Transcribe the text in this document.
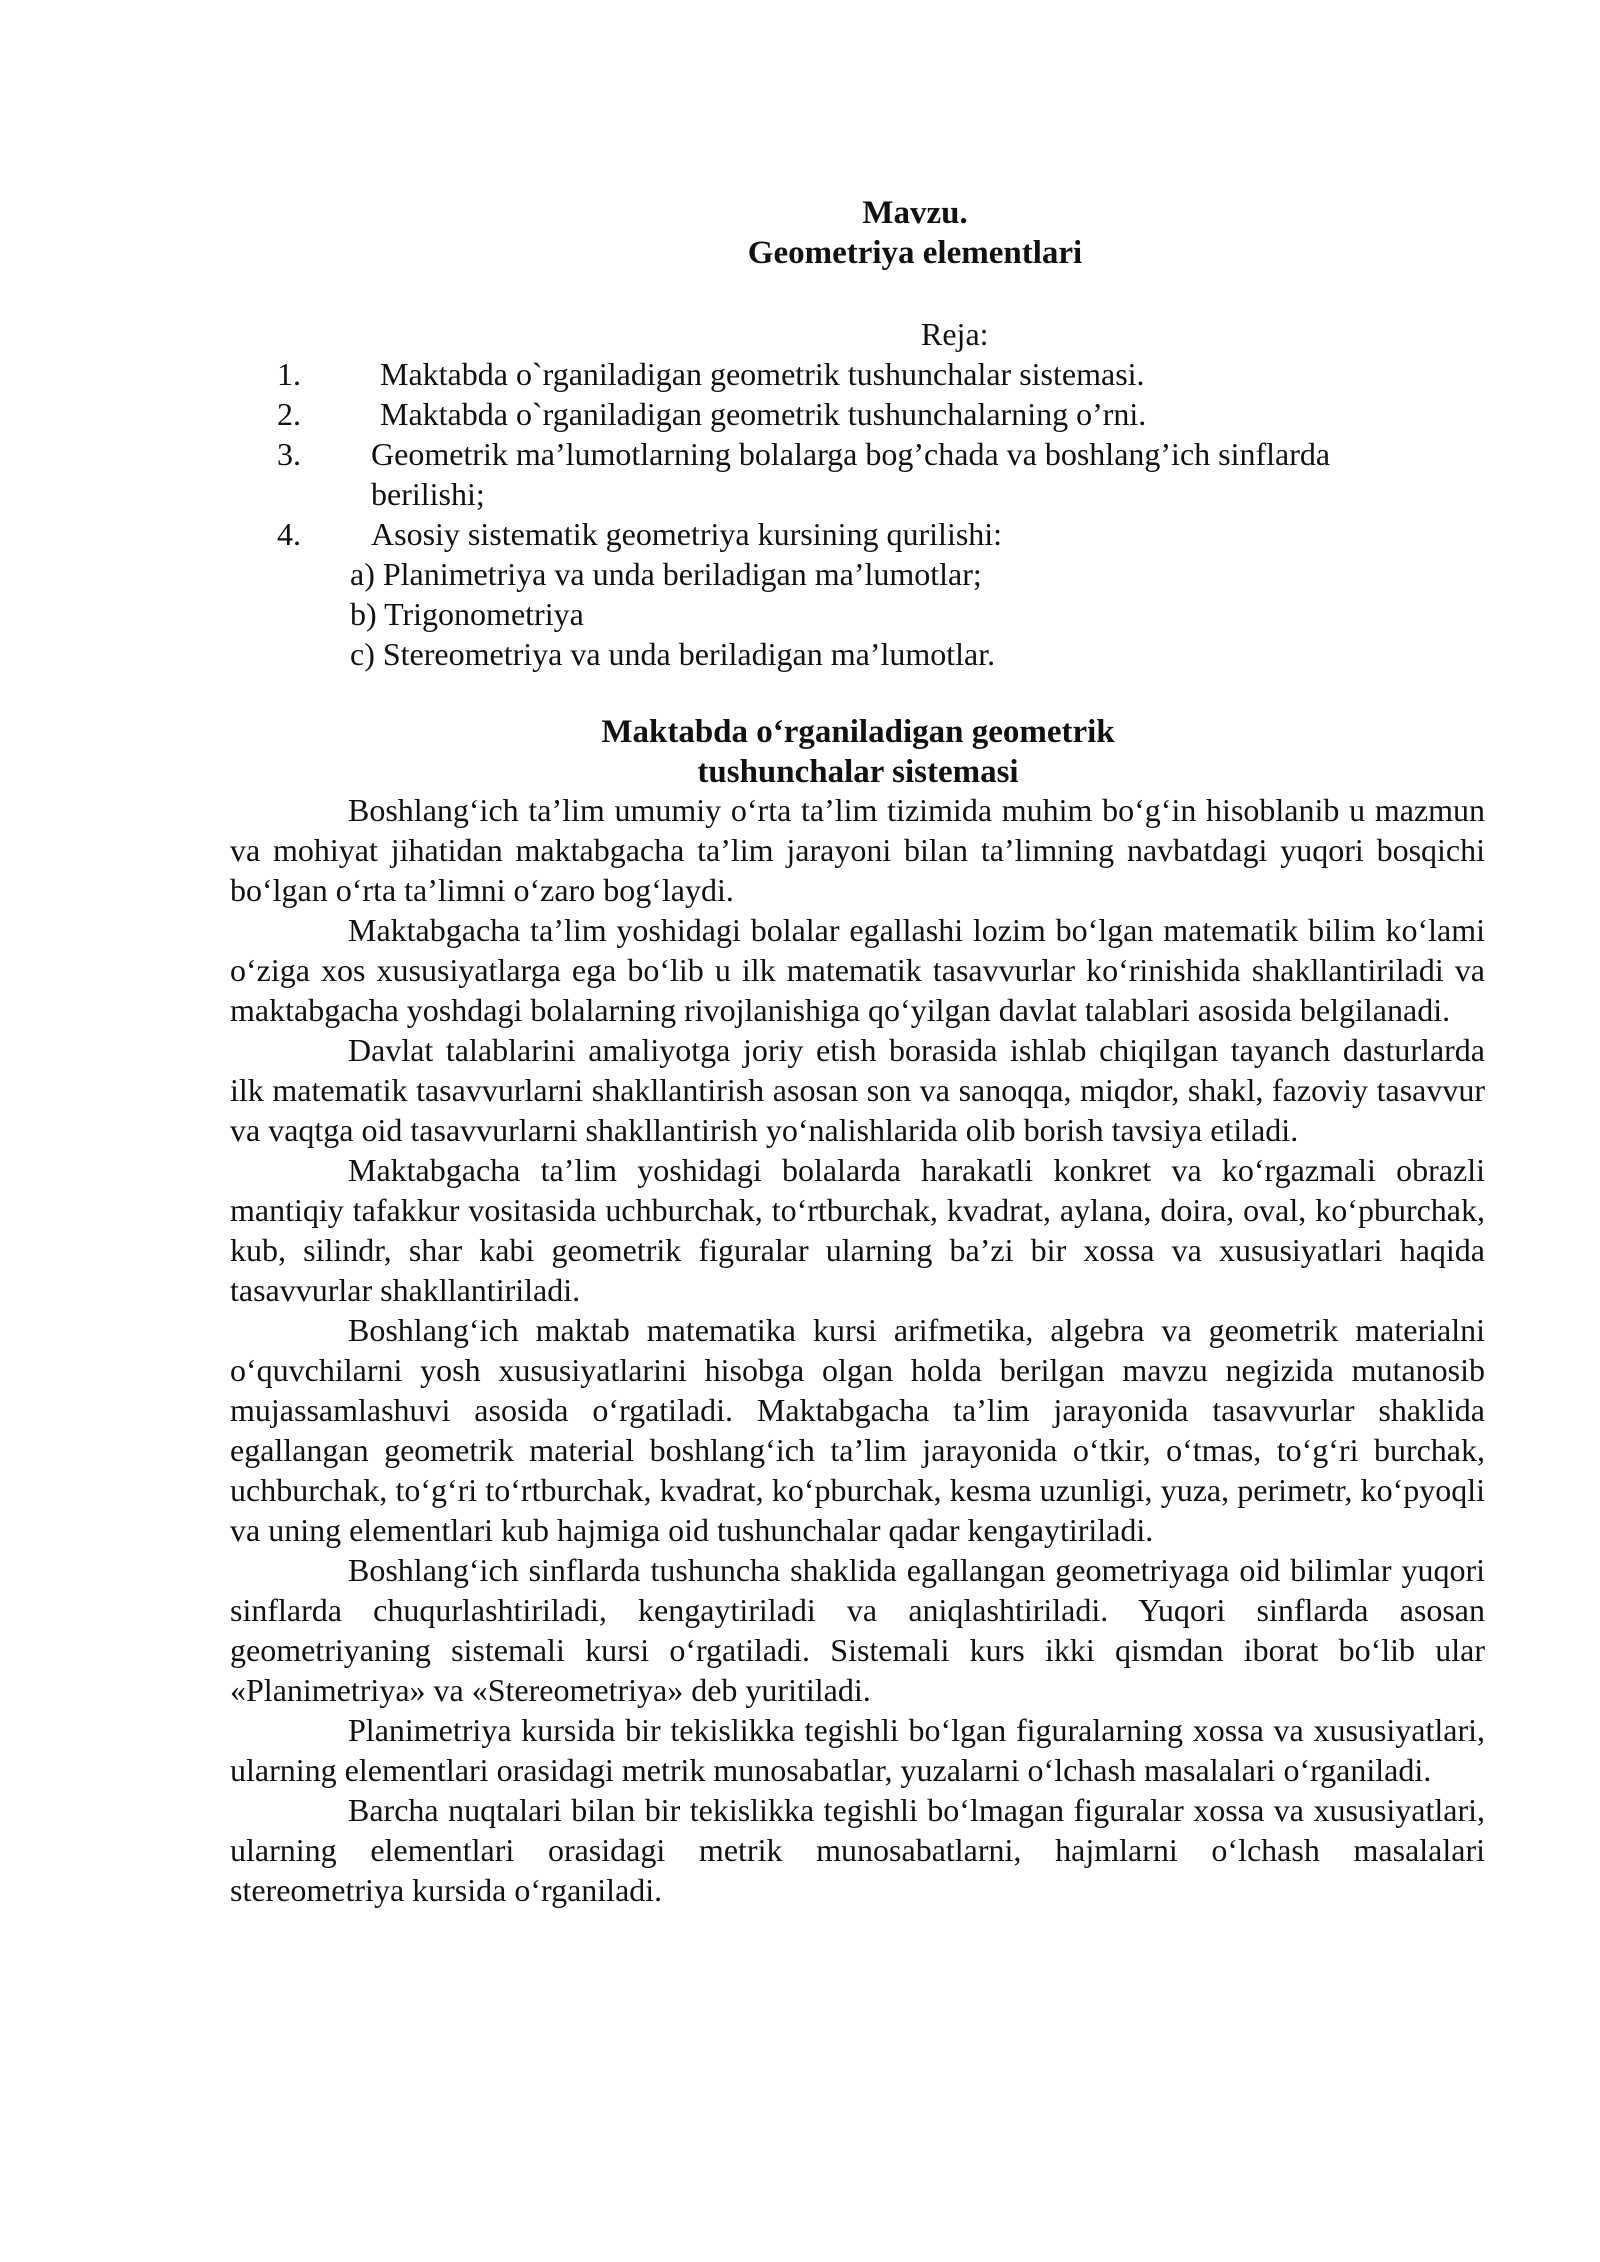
Mavzu.
Geometriya elementlari
Reja:
1. Maktabda o`rganiladigan geometrik tushunchalar sistemasi.
2. Maktabda o`rganiladigan geometrik tushunchalarning o’rni.
3. Geometrik ma’lumotlarning bolalarga bog’chada va boshlang’ich sinflarda
berilishi;
4. Asosiy sistematik geometriya kursining qurilishi:
a) Planimetriya va unda beriladigan ma’lumotlar;
b) Trigonometriya
c) Stereometriya va unda beriladigan ma’lumotlar.
Maktabda o‘rganiladigan geometrik
tushunchalar sistemasi

Boshlang‘ich ta’lim umumiy o‘rta ta’lim tizimida muhim bo‘g‘in hisoblanib u mazmun va mohiyat jihatidan maktabgacha ta’lim jarayoni bilan ta’limning navbatdagi yuqori bosqichi bo‘lgan o‘rta ta’limni o‘zaro bog‘laydi.

Maktabgacha ta’lim yoshidagi bolalar egallashi lozim bo‘lgan matematik bilim ko‘lami o‘ziga xos xususiyatlarga ega bo‘lib u ilk matematik tasavvurlar ko‘rinishida shakllantiriladi va maktabgacha yoshdagi bolalarning rivojlanishiga qo‘yilgan davlat talablari asosida belgilanadi.

Davlat talablarini amaliyotga joriy etish borasida ishlab chiqilgan tayanch dasturlarda ilk matematik tasavvurlarni shakllantirish asosan son va sanoqqa, miqdor, shakl, fazoviy tasavvur va vaqtga oid tasavvurlarni shakllantirish yo‘nalishlarida olib borish tavsiya etiladi.

Maktabgacha ta’lim yoshidagi bolalarda harakatli konkret va ko‘rgazmali obrazli mantiqiy tafakkur vositasida uchburchak, to‘rtburchak, kvadrat, aylana, doira, oval, ko‘pburchak, kub, silindr, shar kabi geometrik figuralar ularning ba’zi bir xossa va xususiyatlari haqida tasavvurlar shakllantiriladi.

Boshlang‘ich maktab matematika kursi arifmetika, algebra va geometrik materialni o‘quvchilarni yosh xususiyatlarini hisobga olgan holda berilgan mavzu negizida mutanosib mujassamlashuvi asosida o‘rgatiladi. Maktabgacha ta’lim jarayonida tasavvurlar shaklida egallangan geometrik material boshlang‘ich ta’lim jarayonida o‘tkir, o‘tmas, to‘g‘ri burchak, uchburchak, to‘g‘ri to‘rtburchak, kvadrat, ko‘pburchak, kesma uzunligi, yuza, perimetr, ko‘pyoqli va uning elementlari kub hajmiga oid tushunchalar qadar kengaytiriladi.

Boshlang‘ich sinflarda tushuncha shaklida egallangan geometriyaga oid bilimlar yuqori sinflarda chuqurlashtiriladi, kengaytiriladi va aniqlashtiriladi. Yuqori sinflarda asosan geometriyaning sistemali kursi o‘rgatiladi. Sistemali kurs ikki qismdan iborat bo‘lib ular «Planimetriya» va «Stereometriya» deb yuritiladi.

Planimetriya kursida bir tekislikka tegishli bo‘lgan figuralarning xossa va xususiyatlari, ularning elementlari orasidagi metrik munosabatlar, yuzalarni o‘lchash masalalari o‘rganiladi.

Barcha nuqtalari bilan bir tekislikka tegishli bo‘lmagan figuralar xossa va xususiyatlari, ularning elementlari orasidagi metrik munosabatlarni, hajmlarni o‘lchash masalalari stereometriya kursida o‘rganiladi.
